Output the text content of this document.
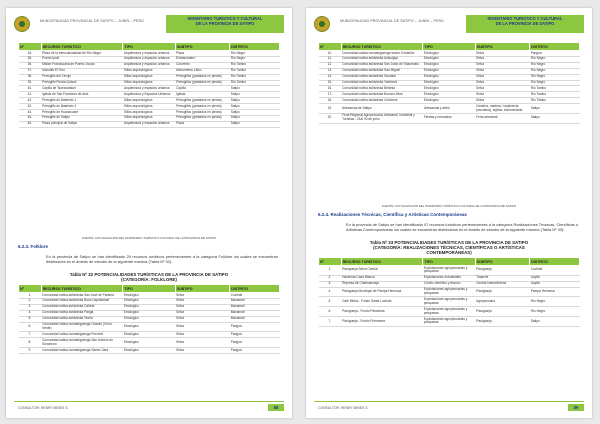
MUNICIPALIDAD PROVINCIAL DE SATIPO – JUNÍN – PERÚ	INVENTARIO TURISTICO Y CULTURAL
DE LA PROVINCIA DE SATIPO
Nº	RECURSO TURISTICO	TIPO	SUBTIPO	DISTRITO
34.	Plaza de la Interculturalidad de Río Negro	Arquitectura y espacios urbanos	Plaza	Río Negro
35.	Puerto Ipoki	Arquitectura y espacios urbanos	Embarcadero	Río Negro
36.	Misión Franciscana de Puerto Ocopa	Arquitectura y espacios urbanos	Convento	Río Tambo
37.	Monolito El Toro	Sitios arqueológicos	Monumento Lítico	Río Tambo
38.	Petroglifo del Cerujo	Sitios arqueológicos	Petroglifos (grabados en piedra)	Río Tambo
39.	Petroglifo Piedra Quisoli	Sitios arqueológicos	Petroglifos (grabados en piedra)	Río Tambo
40.	Capilla de Tsancuatsiari	Arquitectura y espacios urbanos	Capilla	Satipo
41.	Iglesia de San Francisco de Asís	Arquitectura y Espacios Urbanos	Iglesia	Satipo
42.	Petroglifo de Bateriato 1	Sitios arqueológicos	Petroglifos (grabados en piedra)	Satipo
43.	Petroglifo de Bateriato 2	Sitios arqueológicos	Petroglifos (grabados en piedra)	Satipo
44.	Petroglifo de Huanacuare	Sitios arqueológicos	Petroglifos (grabados en piedra)	Satipo
45.	Petroglifo de Satipo	Sitios arqueológicos	Petroglifos (grabados en piedra)	Satipo
46.	Plaza principal de Satipo	Arquitectura y espacios urbanos	Plaza	Satipo
FUENTE: ACTUALIZACIÓN DEL INVENTARIO TURÍSTICO CULTURAL DE LA PROVINCIA DE SATIPO
6.2.3. Folklore
En la provincia de Satipo se han identificado 20 recursos turísticos pertenecientes a la categoría Folklore los cuales se encuentran distribuidos en el ámbito de estudio de la siguiente manera (Tabla Nº 32):
Tabla Nº 32 POTENCIALIDADES TURÍSTICAS DE LA PROVINCIA DE SATIPO
(CATEGORÍA: FOLKLORE)
Nº	RECURSO TURISTICO	TIPO	SUBTIPO	DISTRITO
1.	Comunidad nativa asháninka San José de Paramá	Etnológico	Selva	Coviriali
2.	Comunidad nativa asháninka Boca Capiriashari	Etnológico	Selva	Mazamari
3.	Comunidad nativa asháninka Cañete	Etnológico	Selva	Mazamari
4.	Comunidad nativa asháninka Pangá	Etnológico	Selva	Mazamari
5.	Comunidad nativa asháninka Teoria	Etnológico	Selva	Mazamari
6.	Comunidad nativa nomatsiguenga Chavini (Cerro Verde)	Etnológico	Selva	Pangoa
7.	Comunidad nativa nomatsiguenga Porvenir	Etnológico	Selva	Pangoa
8.	Comunidad nativa nomatsiguenga San Antonio de Sonomoro	Etnológico	Selva	Pangoa
9.	Comunidad nativa nomatsiguenga Santa Clara	Etnológico	Selva	Pangoa
CONSULTOR: HENRY MINES S.	88
MUNICIPALIDAD PROVINCIAL DE SATIPO – JUNÍN – PERÚ	INVENTARIO TURISTICO Y CULTURAL
DE LA PROVINCIA DE SATIPO
Nº	RECURSO TURISTICO	TIPO	SUBTIPO	DISTRITO
10.	Comunidad nativa nomatsiguenga sector Cesarilho	Etnológico	Selva	Pangoa
11.	Comunidad nativa asháninka Autsuijaja	Etnológico	Selva	Río Negro
12.	Comunidad nativa asháninka San Justo de Shaurinato	Etnológico	Selva	Río Negro
13.	Comunidad nativa asháninka San Miguel	Etnológico	Selva	Río Negro
14.	Comunidad nativa asháninka Saurialá	Etnológico	Selva	Río Negro
15.	Comunidad nativa asháninka Yavirironi	Etnológico	Selva	Río Negro
16.	Comunidad nativa asháninka Betania	Etnológico	Selva	Río Tambo
17.	Comunidad nativa asháninka Buenos Aires	Etnológico	Selva	Río Tambo
18.	Comunidad nativa asháninka Cutivireni	Etnológico	Selva	Río Tambo
19.	Artesanías de Satipo	Artesanías y artes	Cestería, madera / carpintería (escultura), tejidos, indumentaria	Satipo
20.	Feria Regional Agropecuaria, Artesanal, Industrial y Turística - 21al 30 de junio	Fiestas y mercados	Feria artesanal	Satipo
FUENTE: ACTUALIZACIÓN DEL INVENTARIO TURÍSTICO CULTURAL DE LA PROVINCIA DE SATIPO
6.2.4. Realizaciones Técnicas, Científica y Artísticas Contemporáneas
En la provincia de Satipo se han identificado 07 recursos turísticos pertenecientes a la categoría Realizaciones Técnicas, Científicas o Artísticas Contemporáneas los cuales se encuentran distribuidos en el ámbito de estudio de la siguiente manera (Tabla Nº 33):
Tabla Nº 33 POTENCIALIDADES TURÍSTICAS DE LA PROVINCIA DE SATIPO
(CATEGORÍA: REALIZACIONES TÉCNICAS, CIENTÍFICAS O ARTÍSTICAS
CONTEMPORÁNEAS)
Nº	RECURSO TURISTICO	TIPO	SUBTIPO	DISTRITO
1.	Piscigranja Selva Central	Explotaciones agropecuarias y pesqueras	Piscigranja	Coviriali
2.	Hacienda Casa Blanca	Explotaciones Industriales	Trapiche	Llaylla
3.	Represa de Chalhuamayo	Centro científico y técnico	Central hidroeléctrica	Llaylla
4.	Piscigranja Municipal de Pampa Hermosa	Explotaciones agropecuarias y pesqueras	Piscigranja	Pampa Hermosa
5.	Café Misha - Fundo Santa Lucinda	Explotaciones agropecuarias y pesqueras	Agropecuaria	Río Negro
6.	Piscigranja - Fundo Palmeiras	Explotaciones agropecuarias y pesqueras	Piscigranja	Río Negro
7.	Piscigranja - Fundo Primavera	Explotaciones agropecuarias y pesqueras	Piscigranja	Satipo
CONSULTOR: HENRY MINES S.	89
